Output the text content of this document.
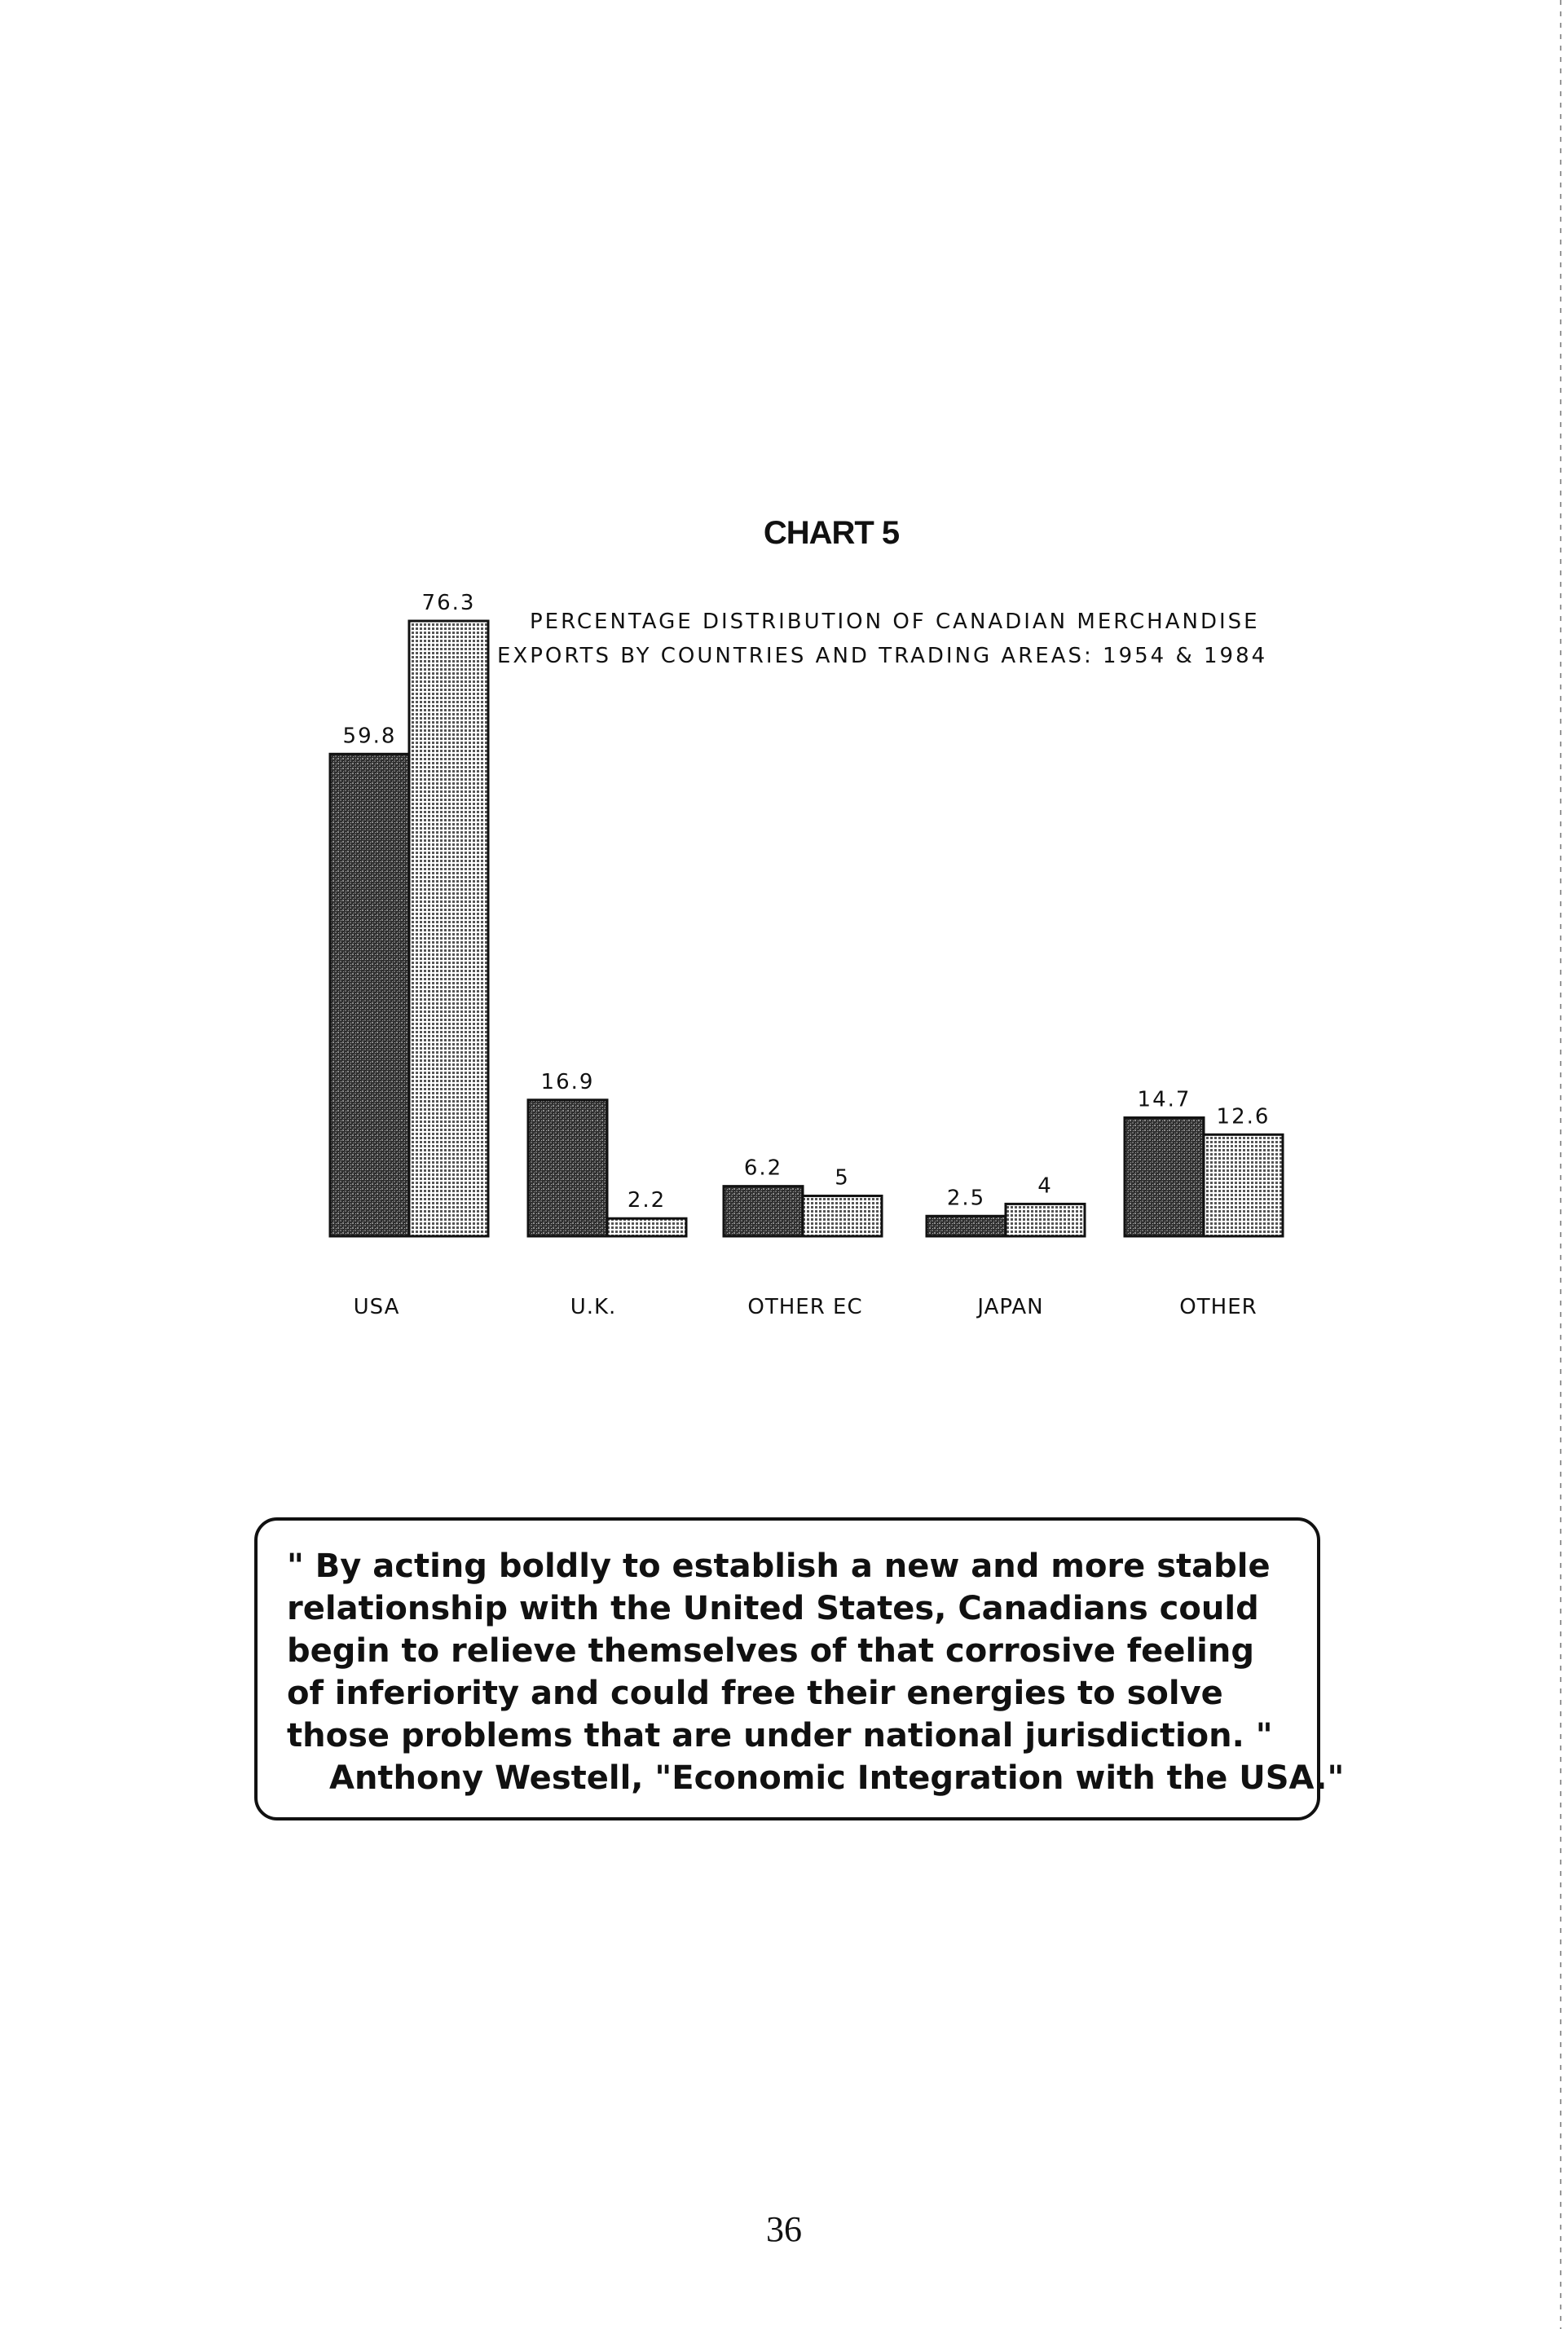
CHART 5
59.8
16.9
6.2
2.5
14.7
76.3
2.2
5	4
12.6
USA	U.K.	OTHER EC	JAPAN	OTHER
PERCENTAGE DISTRIBUTION OF CANADIAN MERCHANDISE
EXPORTS BY COUNTRIES AND TRADING AREAS: 1954 & 1984
" By acting boldly to establish a new and more stable
relationship with the United States, Canadians could
begin to relieve themselves of that corrosive feeling
of inferiority and could free their energies to solve
those problems that are under national jurisdiction. "
Anthony Westell, "Economic Integration with the USA."
36
